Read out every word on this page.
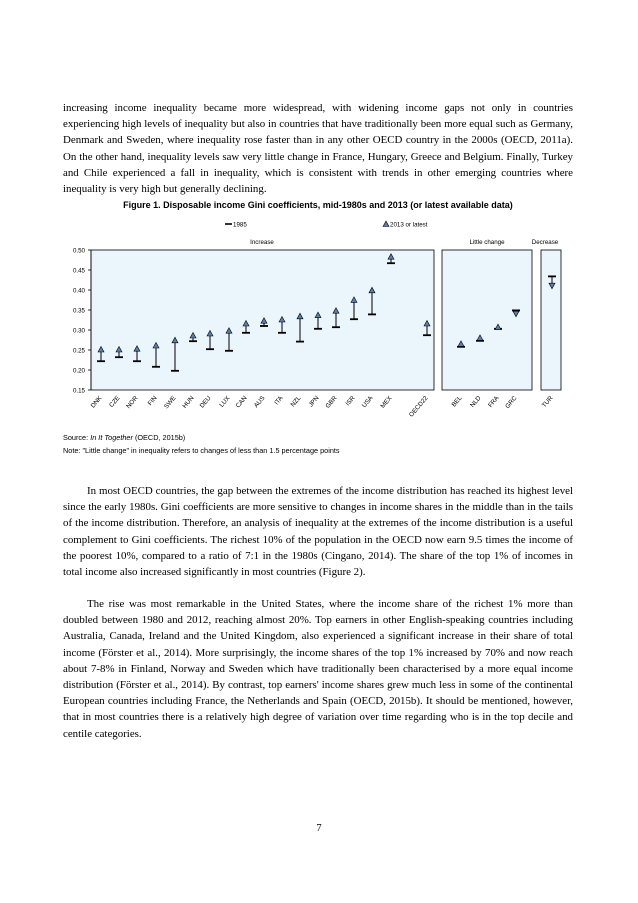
increasing income inequality became more widespread, with widening income gaps not only in countries experiencing high levels of inequality but also in countries that have traditionally been more equal such as Germany, Denmark and Sweden, where inequality rose faster than in any other OECD country in the 2000s (OECD, 2011a). On the other hand, inequality levels saw very little change in France, Hungary, Greece and Belgium. Finally, Turkey and Chile experienced a fall in inequality, which is consistent with trends in other emerging countries where inequality is very high but generally declining.

Figure 1. Disposable income Gini coefficients, mid-1980s and 2013 (or latest available data)
0.15
0.20
0.25
0.30
0.35
0.40
0.45
0.50
1985	2013 or latest
Increase	Little change	Decrease
DNK CZE NOR FIN SWE HUN DEU LUX CAN AUS ITA NZL JPN GBR ISR USA MEX OECD22	BEL NLD FRA GRC	TUR
Source: In It Together (OECD, 2015b)
Note: "Little change" in inequality refers to changes of less than 1.5 percentage points

In most OECD countries, the gap between the extremes of the income distribution has reached its highest level since the early 1980s. Gini coefficients are more sensitive to changes in income shares in the middle than in the tails of the income distribution. Therefore, an analysis of inequality at the extremes of the income distribution is a useful complement to Gini coefficients. The richest 10% of the population in the OECD now earn 9.5 times the income of the poorest 10%, compared to a ratio of 7:1 in the 1980s (Cingano, 2014). The share of the top 1% of incomes in total income also increased significantly in most countries (Figure 2).

The rise was most remarkable in the United States, where the income share of the richest 1% more than doubled between 1980 and 2012, reaching almost 20%. Top earners in other English-speaking countries including Australia, Canada, Ireland and the United Kingdom, also experienced a significant increase in their share of total income (Förster et al., 2014). More surprisingly, the income shares of the top 1% increased by 70% and now reach about 7-8% in Finland, Norway and Sweden which have traditionally been characterised by a more equal income distribution (Förster et al., 2014). By contrast, top earners' income shares grew much less in some of the continental European countries including France, the Netherlands and Spain (OECD, 2015b). It should be mentioned, however, that in most countries there is a relatively high degree of variation over time regarding who is in the top decile and centile categories.

7
